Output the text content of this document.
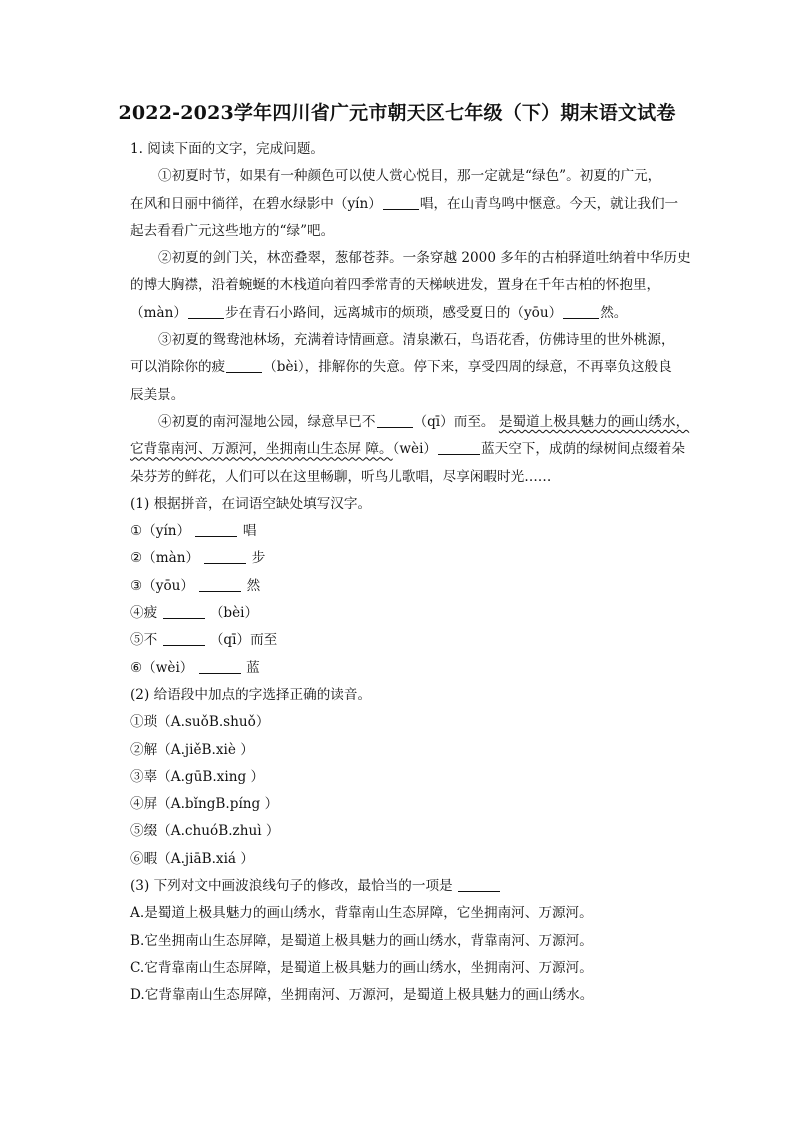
2022-2023学年四川省广元市朝天区七年级（下）期末语文试卷
1. 阅读下面的文字，完成问题。
①初夏时节，如果有一种颜色可以使人赏心悦目，那一定就是“绿色”。初夏的广元，
在风和日丽中徜徉，在碧水绿影中（yín）	唱，在山青鸟鸣中惬意。今天，就让我们一
起去看看广元这些地方的“绿”吧。
②初夏的剑门关，林峦叠翠，葱郁苍莽。一条穿越 2000 多年的古柏驿道吐纳着中华历史
的博大胸襟，沿着蜿蜒的木栈道向着四季常青的天梯峡进发，置身在千年古柏的怀抱里，
（màn）	步在青石小路间，远离城市的烦琐，感受夏日的（yōu）	然。
③初夏的鸳鸯池林场，充满着诗情画意。清泉漱石，鸟语花香，仿佛诗里的世外桃源，
可以消除你的疲	（bèi），排解你的失意。停下来，享受四周的绿意，不再辜负这般良
辰美景。
④初夏的南河湿地公园，绿意早已不	（qī）而至。 是蜀道上极具魅力的画山绣水，
它背靠南河、万源河，坐拥南山生态屏 障。（wèi）	蓝天空下，成荫的绿树间点缀着朵
朵芬芳的鲜花，人们可以在这里畅聊，听鸟儿歌唱，尽享闲暇时光……
(1) 根据拼音，在词语空缺处填写汉字。
①（yín）	唱
②（màn）	步
③（yōu）	然
④疲	（bèi）
⑤不	（qī）而至
⑥（wèi）	蓝
(2) 给语段中加点的字选择正确的读音。
①琐（A.suǒB.shuǒ）
②解（A.jiěB.xiè ）
③辜（A.gūB.xing ）
④屏（A.bǐngB.píng ）
⑤缀（A.chuóB.zhuì ）
⑥暇（A.jiāB.xiá ）
(3) 下列对文中画波浪线句子的修改，最恰当的一项是
A.是蜀道上极具魅力的画山绣水，背靠南山生态屏障，它坐拥南河、万源河。
B.它坐拥南山生态屏障，是蜀道上极具魅力的画山绣水，背靠南河、万源河。
C.它背靠南山生态屏障，是蜀道上极具魅力的画山绣水，坐拥南河、万源河。
D.它背靠南山生态屏障，坐拥南河、万源河，是蜀道上极具魅力的画山绣水。
